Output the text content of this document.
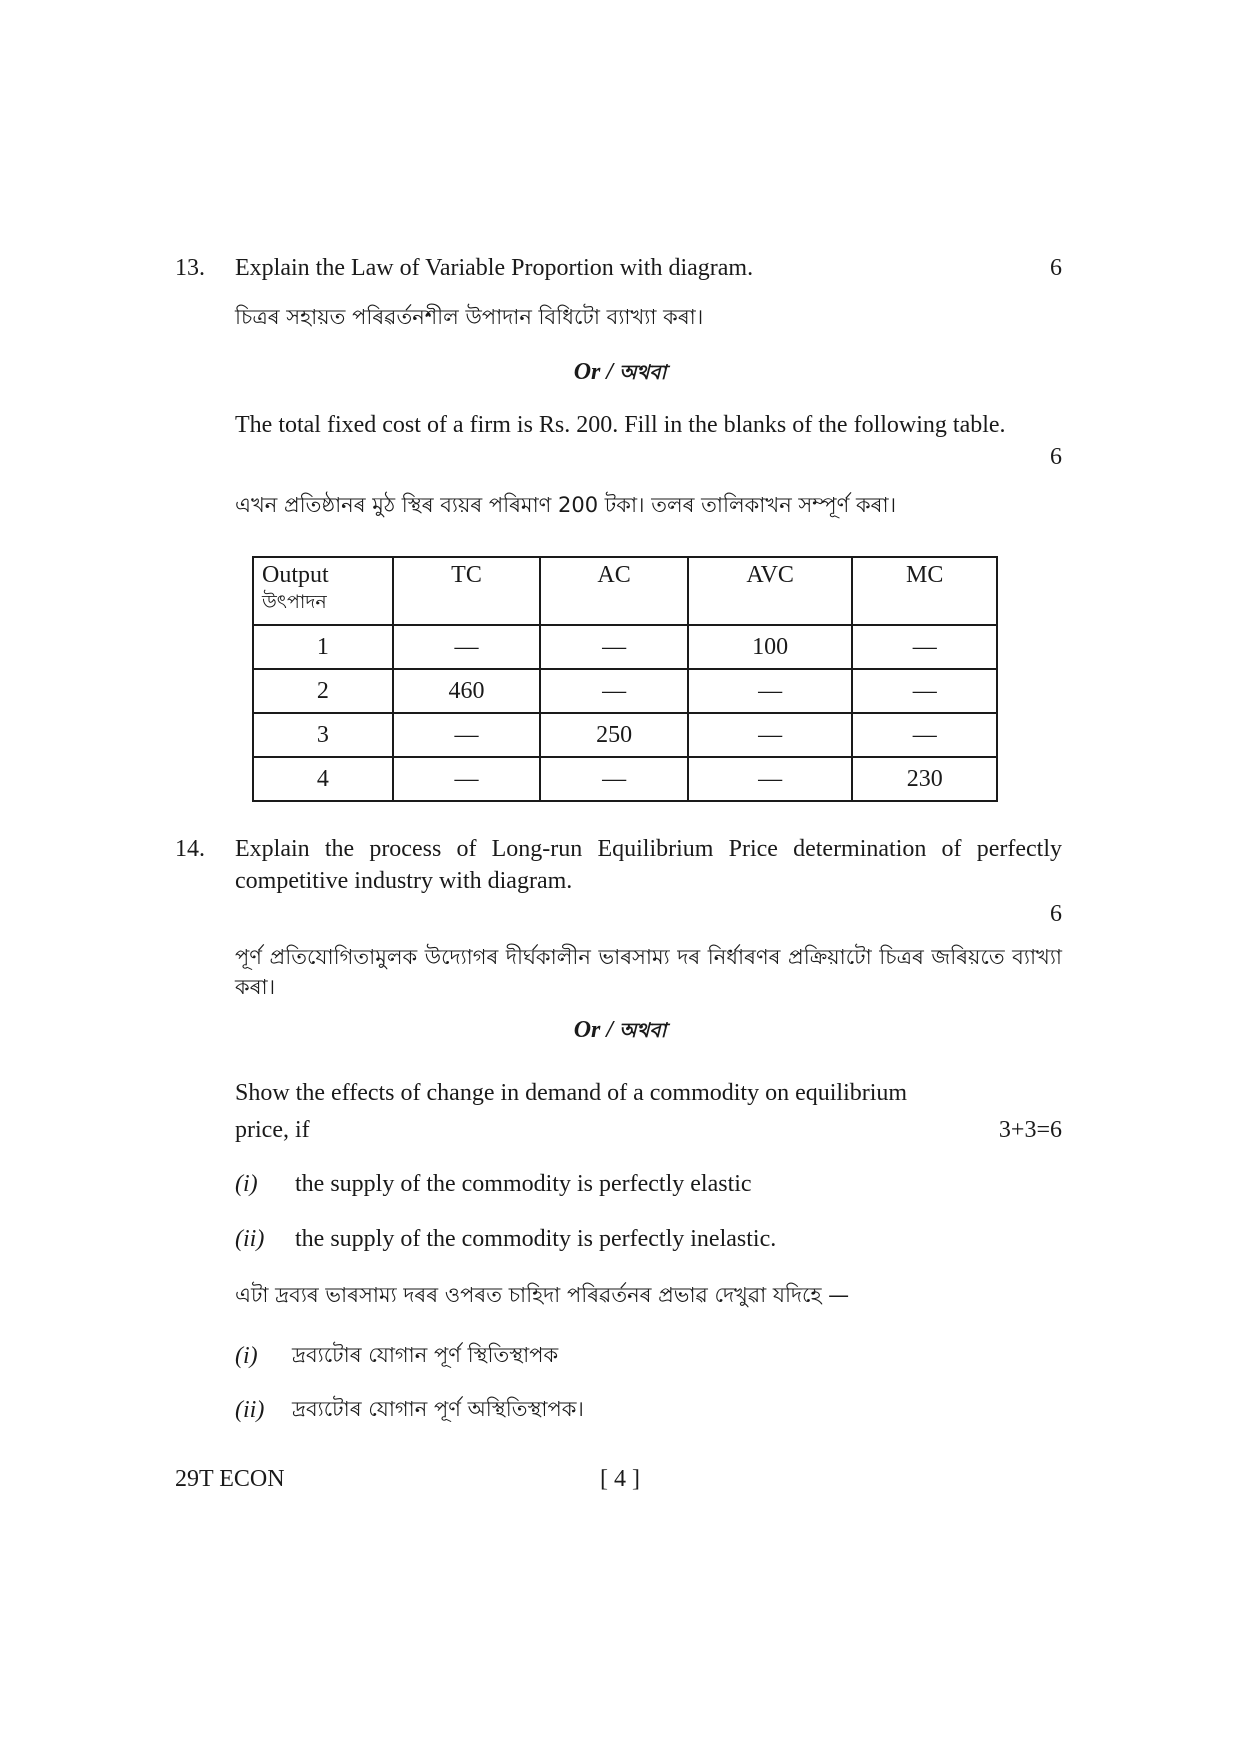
13. Explain the Law of Variable Proportion with diagram.	6
চিত্ৰৰ সহায়ত পৰিৱৰ্তনশীল উপাদান বিধিটো ব্যাখ্যা কৰা।
Or / অথবা
The total fixed cost of a firm is Rs. 200. Fill in the blanks of the following table.
6
এখন প্ৰতিষ্ঠানৰ মুঠ স্থিৰ ব্যয়ৰ পৰিমাণ 200 টকা। তলৰ তালিকাখন সম্পূৰ্ণ কৰা।
Output
উৎপাদন	TC	AC	AVC	MC
1	—	—	100	—
2	460	—	—	—
3	—	250	—	—
4	—	—	—	230
14. Explain the process of Long-run Equilibrium Price determination of perfectly competitive industry with diagram.
6
পূৰ্ণ প্ৰতিযোগিতামুলক উদ্যোগৰ দীৰ্ঘকালীন ভাৰসাম্য দৰ নিৰ্ধাৰণৰ প্ৰক্ৰিয়াটো চিত্ৰৰ জৰিয়তে ব্যাখ্যা কৰা।
Or / অথবা
Show the effects of change in demand of a commodity on equilibrium
price, if	3+3=6
(i) the supply of the commodity is perfectly elastic
(ii) the supply of the commodity is perfectly inelastic.
এটা দ্ৰব্যৰ ভাৰসাম্য দৰৰ ওপৰত চাহিদা পৰিৱৰ্তনৰ প্ৰভাৱ দেখুৱা যদিহে —
(i) দ্ৰব্যটোৰ যোগান পূৰ্ণ স্থিতিস্থাপক
(ii) দ্ৰব্যটোৰ যোগান পূৰ্ণ অস্থিতিস্থাপক।
29T ECON	[ 4 ]
